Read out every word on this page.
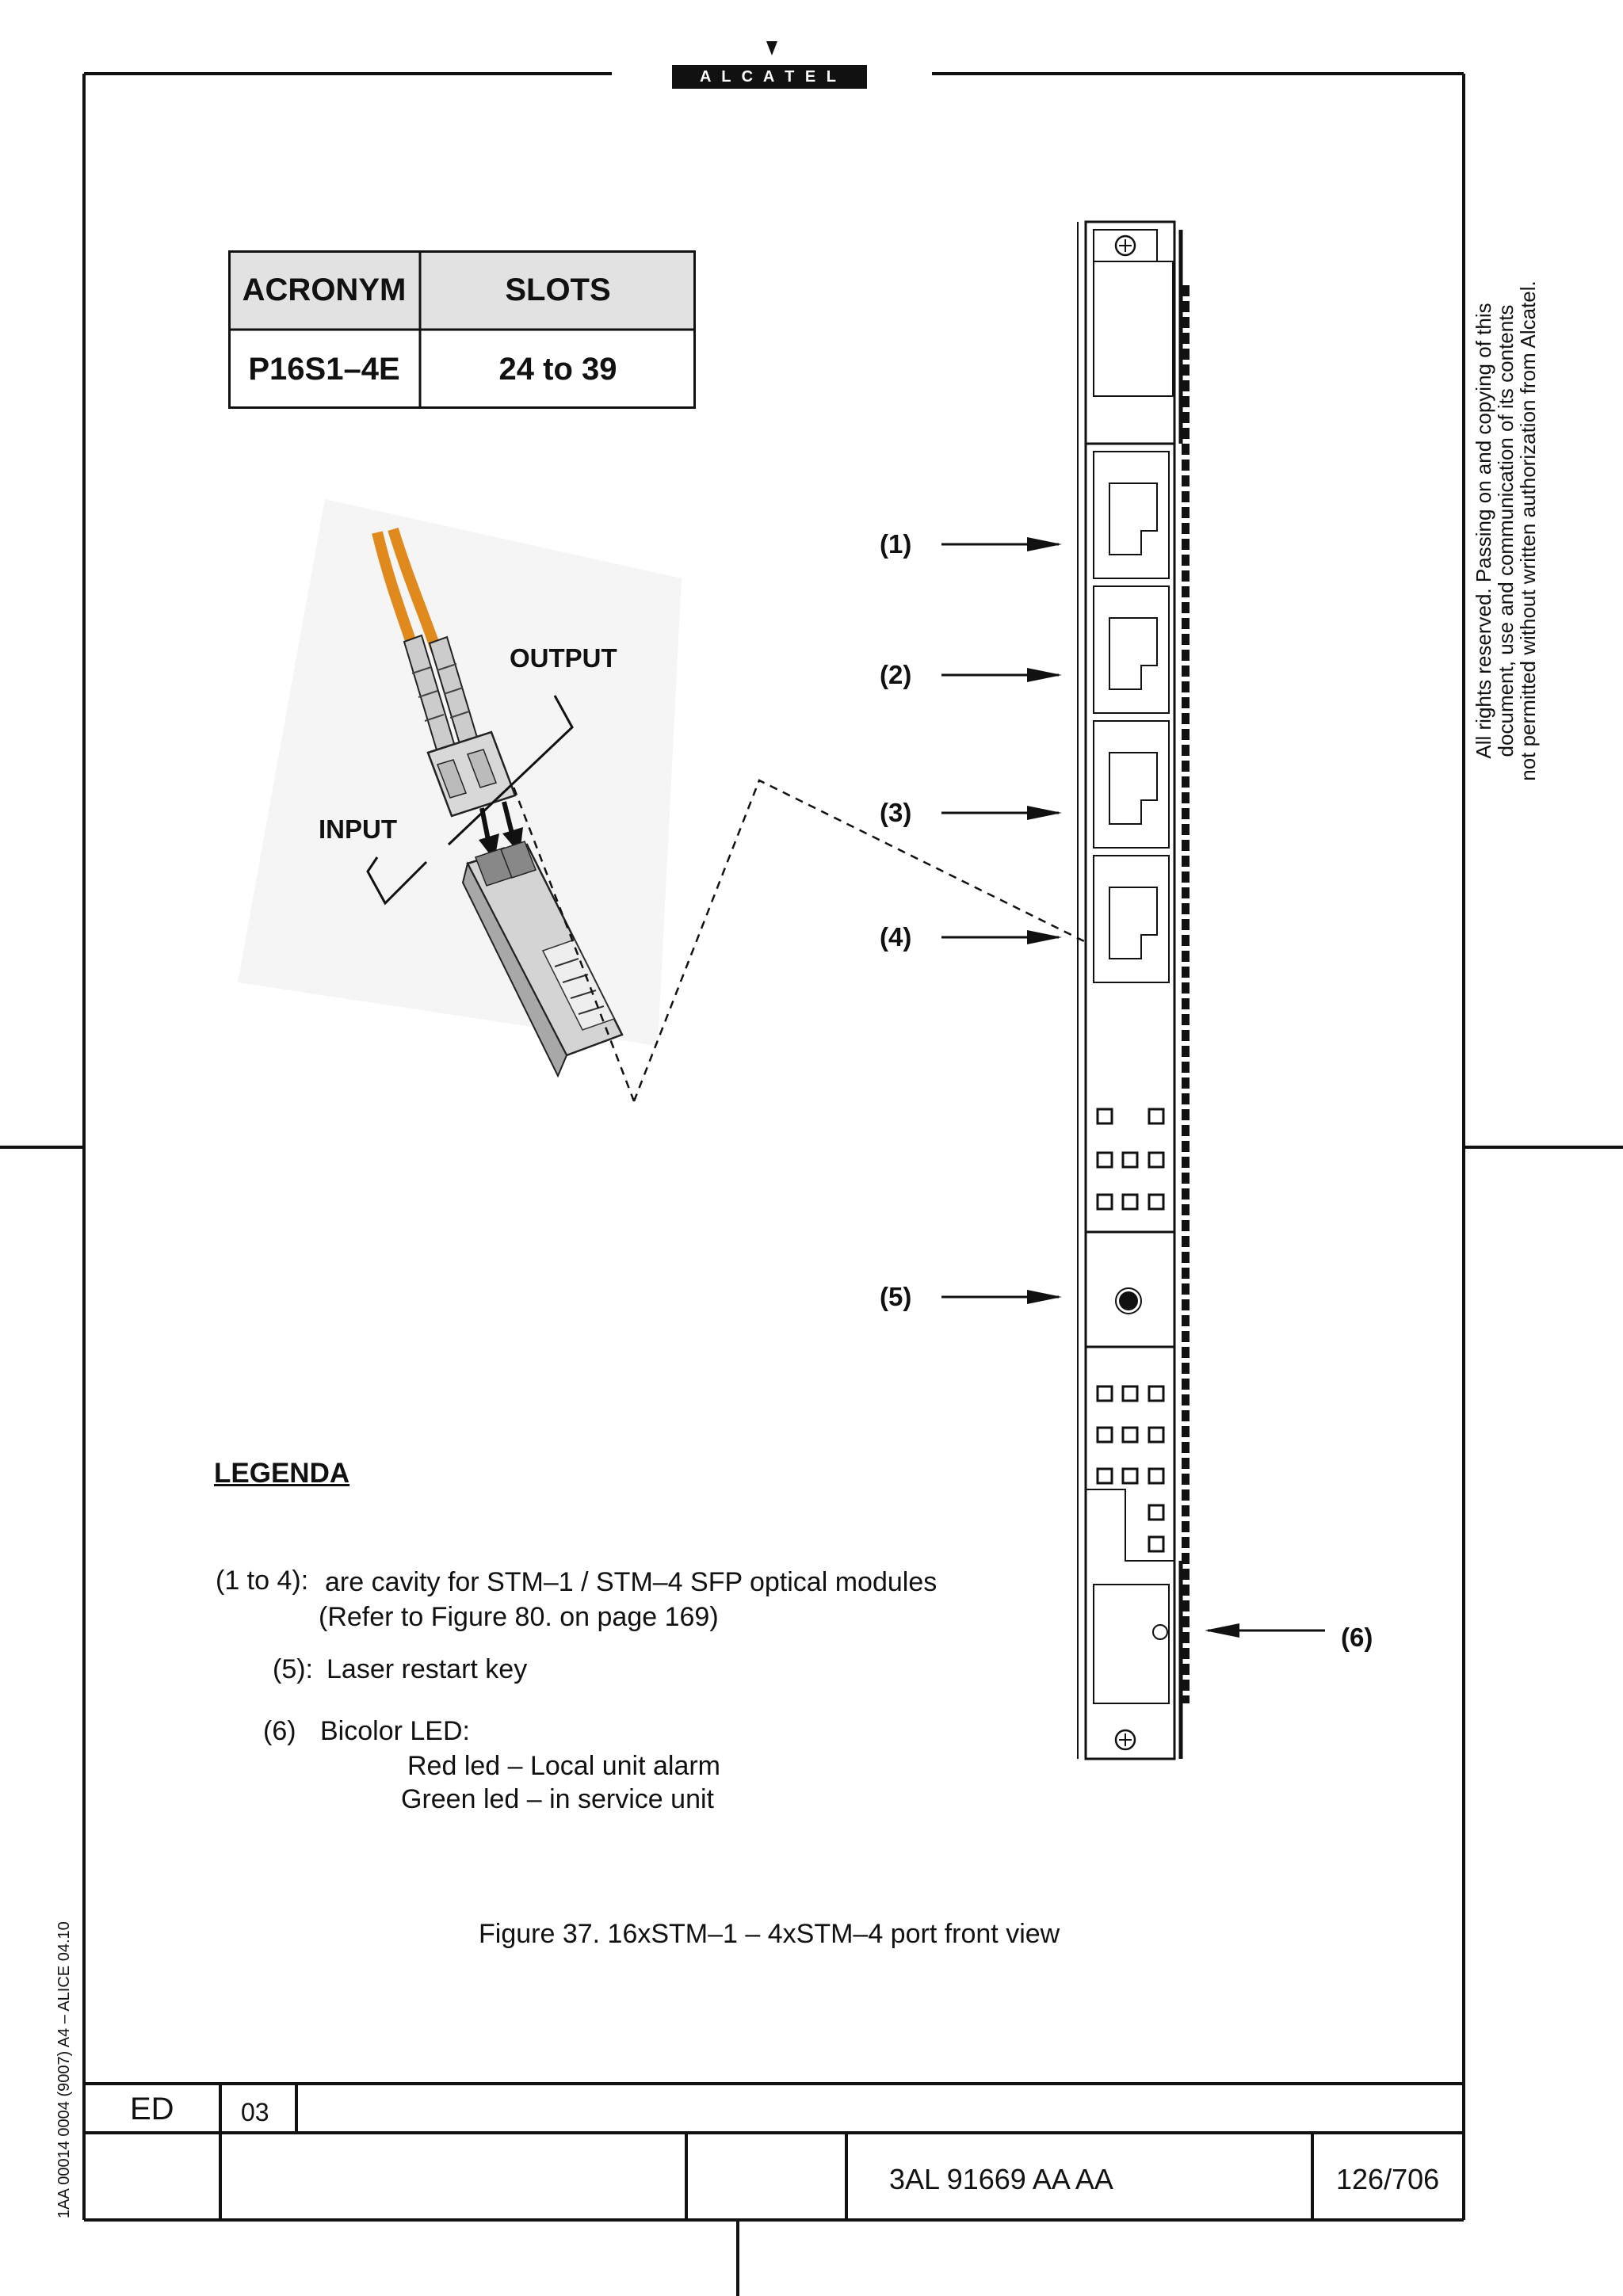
A L C A T E L
ACRONYM	SLOTS
P16S1–4E	24 to 39
OUTPUT
INPUT
(1)
(2)
(3)
(4)
(5)
(6)
All rights reserved. Passing on and copying of this
document, use and communication of its contents
not permitted without written authorization from Alcatel.
LEGENDA
(1 to 4): are cavity for STM–1 / STM–4 SFP optical modules
(Refer to Figure 80. on page 169)
(5): Laser restart key
(6) Bicolor LED:
Red led – Local unit alarm
Green led – in service unit
Figure 37. 16xSTM–1 – 4xSTM–4 port front view
1AA 00014 0004 (9007) A4 – ALICE 04.10 ED	03
3AL 91669 AA AA	126/706
